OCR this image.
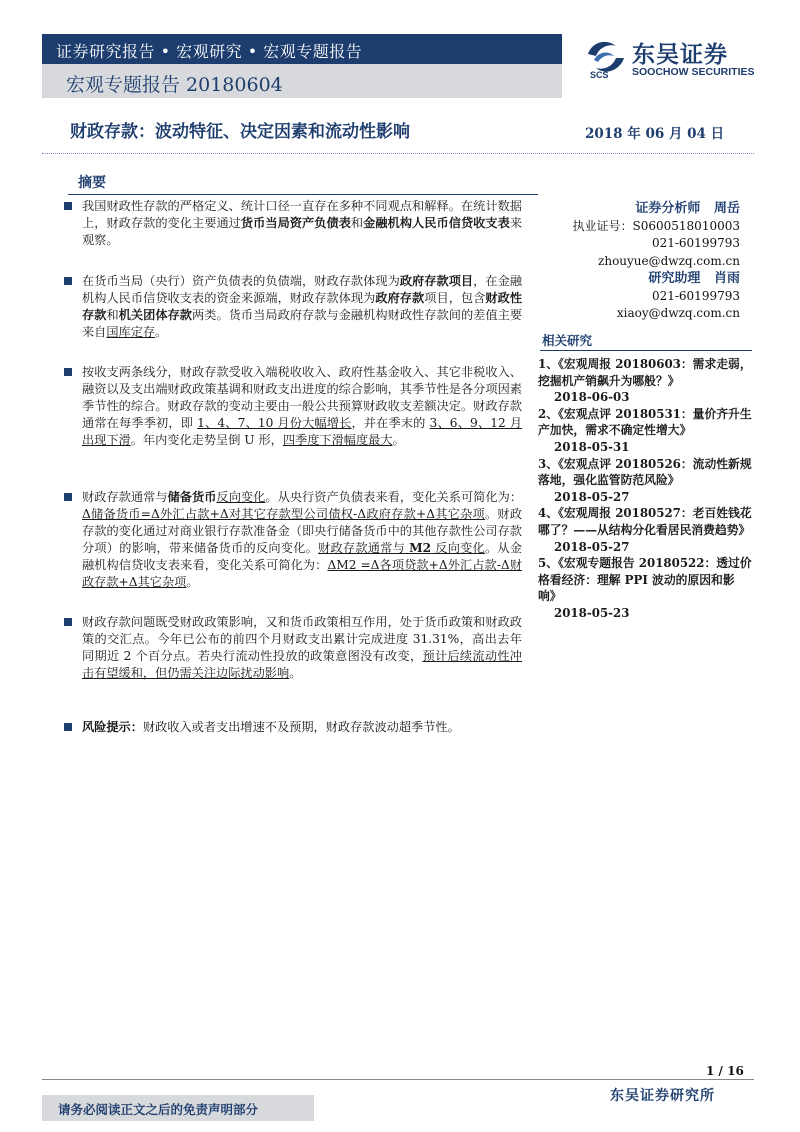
证券研究报告 • 宏观研究 • 宏观专题报告
宏观专题报告 20180604	SCS
东吴证券
SOOCHOW SECURITIES
财政存款：波动特征、决定因素和流动性影响	2018 年 06 月 04 日
摘要
我国财政性存款的严格定义、统计口径一直存在多种不同观点和解释。在统计数据上，财政存款的变化主要通过货币当局资产负债表和金融机构人民币信贷收支表来观察。
在货币当局（央行）资产负债表的负债端，财政存款体现为政府存款项目，在金融机构人民币信贷收支表的资金来源端，财政存款体现为政府存款项目，包含财政性存款和机关团体存款两类。货币当局政府存款与金融机构财政性存款间的差值主要来自国库定存。
按收支两条线分，财政存款受收入端税收收入、政府性基金收入、其它非税收入、融资以及支出端财政政策基调和财政支出进度的综合影响，其季节性是各分项因素季节性的综合。财政存款的变动主要由一般公共预算财政收支差额决定。财政存款通常在每季季初，即 1、4、7、10 月份大幅增长，并在季末的 3、6、9、12 月出现下滑。年内变化走势呈倒 U 形，四季度下滑幅度最大。
财政存款通常与储备货币反向变化。从央行资产负债表来看，变化关系可简化为：Δ储备货币=Δ外汇占款+Δ对其它存款型公司债权-Δ政府存款+Δ其它杂项。财政存款的变化通过对商业银行存款准备金（即央行储备货币中的其他存款性公司存款分项）的影响，带来储备货币的反向变化。财政存款通常与 M2 反向变化。从金融机构信贷收支表来看，变化关系可简化为：ΔM2 =Δ各项贷款+Δ外汇占款-Δ财政存款+Δ其它杂项。
财政存款问题既受财政政策影响，又和货币政策相互作用，处于货币政策和财政政策的交汇点。今年已公布的前四个月财政支出累计完成进度 31.31%，高出去年同期近 2 个百分点。若央行流动性投放的政策意图没有改变，预计后续流动性冲击有望缓和，但仍需关注边际扰动影响。
风险提示：财政收入或者支出增速不及预期，财政存款波动超季节性。
证券分析师 周岳
执业证号：S0600518010003
021-60199793
zhouyue@dwzq.com.cn
研究助理 肖雨
021-60199793
xiaoy@dwzq.com.cn
相关研究
1、《宏观周报 20180603：需求走弱，挖掘机产销飙升为哪般？》
2018-06-03
2、《宏观点评 20180531：量价齐升生产加快，需求不确定性增大》
2018-05-31
3、《宏观点评 20180526：流动性新规落地，强化监管防范风险》
2018-05-27
4、《宏观周报 20180527：老百姓钱花哪了？——从结构分化看居民消费趋势》
2018-05-27
5、《宏观专题报告 20180522：透过价格看经济：理解 PPI 波动的原因和影响》
2018-05-23
1 / 16
请务必阅读正文之后的免责声明部分
东吴证券研究所
